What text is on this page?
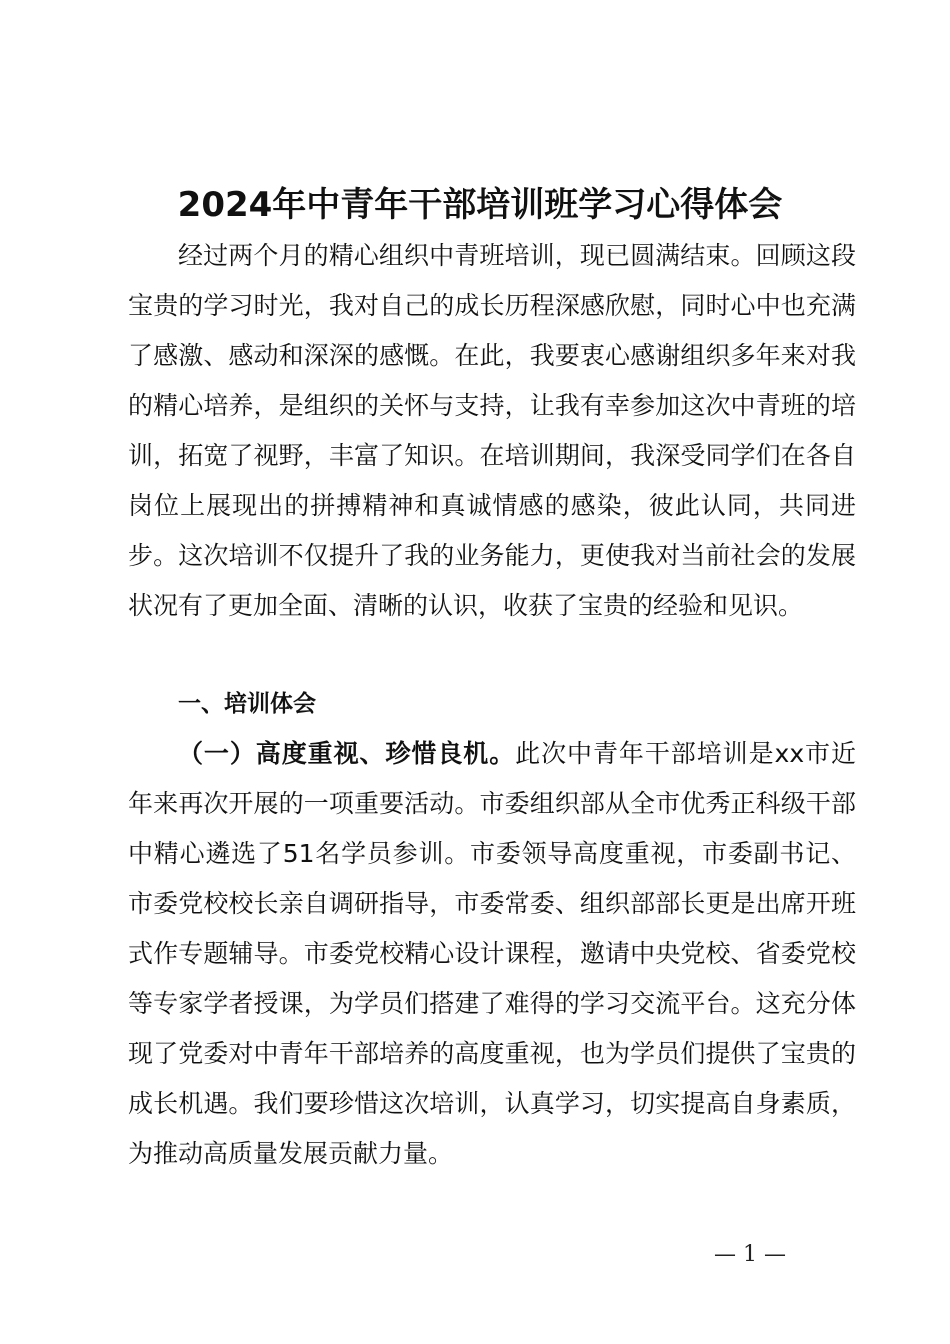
2024年中青年干部培训班学习心得体会

经过两个月的精心组织中青班培训，现已圆满结束。回顾这段宝贵的学习时光，我对自己的成长历程深感欣慰，同时心中也充满了感激、感动和深深的感慨。在此，我要衷心感谢组织多年来对我的精心培养，是组织的关怀与支持，让我有幸参加这次中青班的培训，拓宽了视野，丰富了知识。在培训期间，我深受同学们在各自岗位上展现出的拼搏精神和真诚情感的感染，彼此认同，共同进步。这次培训不仅提升了我的业务能力，更使我对当前社会的发展状况有了更加全面、清晰的认识，收获了宝贵的经验和见识。

一、培训体会

（一）高度重视、珍惜良机。此次中青年干部培训是xx市近年来再次开展的一项重要活动。市委组织部从全市优秀正科级干部中精心遴选了51名学员参训。市委领导高度重视，市委副书记、市委党校校长亲自调研指导，市委常委、组织部部长更是出席开班式作专题辅导。市委党校精心设计课程，邀请中央党校、省委党校等专家学者授课，为学员们搭建了难得的学习交流平台。这充分体现了党委对中青年干部培养的高度重视，也为学员们提供了宝贵的成长机遇。我们要珍惜这次培训，认真学习，切实提高自身素质，为推动高质量发展贡献力量。

— 1 —
